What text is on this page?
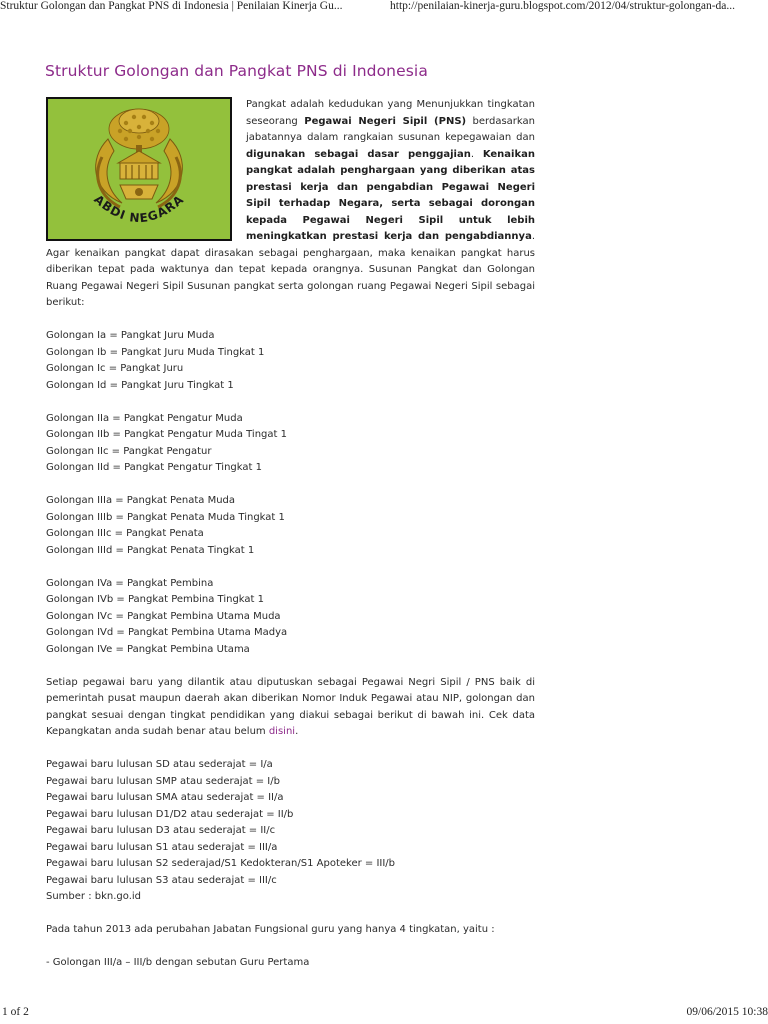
Struktur Golongan dan Pangkat PNS di Indonesia | Penilaian Kinerja Gu...	http://penilaian-kinerja-guru.blogspot.com/2012/04/struktur-golongan-da...
Struktur Golongan dan Pangkat PNS di Indonesia
ABDI NEGARA

Pangkat adalah kedudukan yang Menunjukkan tingkatan seseorang Pegawai Negeri Sipil (PNS) berdasarkan jabatannya dalam rangkaian susunan kepegawaian dan digunakan sebagai dasar penggajian. Kenaikan pangkat adalah penghargaan yang diberikan atas prestasi kerja dan pengabdian Pegawai Negeri Sipil terhadap Negara, serta sebagai dorongan kepada Pegawai Negeri Sipil untuk lebih meningkatkan prestasi kerja dan pengabdiannya. Agar kenaikan pangkat dapat dirasakan sebagai penghargaan, maka kenaikan pangkat harus diberikan tepat pada waktunya dan tepat kepada orangnya. Susunan Pangkat dan Golongan Ruang Pegawai Negeri Sipil Susunan pangkat serta golongan ruang Pegawai Negeri Sipil sebagai berikut:

Golongan Ia = Pangkat Juru Muda
Golongan Ib = Pangkat Juru Muda Tingkat 1
Golongan Ic = Pangkat Juru
Golongan Id = Pangkat Juru Tingkat 1
Golongan IIa = Pangkat Pengatur Muda
Golongan IIb = Pangkat Pengatur Muda Tingat 1
Golongan IIc = Pangkat Pengatur
Golongan IId = Pangkat Pengatur Tingkat 1
Golongan IIIa = Pangkat Penata Muda
Golongan IIIb = Pangkat Penata Muda Tingkat 1
Golongan IIIc = Pangkat Penata
Golongan IIId = Pangkat Penata Tingkat 1
Golongan IVa = Pangkat Pembina
Golongan IVb = Pangkat Pembina Tingkat 1
Golongan IVc = Pangkat Pembina Utama Muda
Golongan IVd = Pangkat Pembina Utama Madya
Golongan IVe = Pangkat Pembina Utama

Setiap pegawai baru yang dilantik atau diputuskan sebagai Pegawai Negri Sipil / PNS baik di pemerintah pusat maupun daerah akan diberikan Nomor Induk Pegawai atau NIP, golongan dan pangkat sesuai dengan tingkat pendidikan yang diakui sebagai berikut di bawah ini. Cek data Kepangkatan anda sudah benar atau belum disini.

Pegawai baru lulusan SD atau sederajat = I/a
Pegawai baru lulusan SMP atau sederajat = I/b
Pegawai baru lulusan SMA atau sederajat = II/a
Pegawai baru lulusan D1/D2 atau sederajat = II/b
Pegawai baru lulusan D3 atau sederajat = II/c
Pegawai baru lulusan S1 atau sederajat = III/a
Pegawai baru lulusan S2 sederajad/S1 Kedokteran/S1 Apoteker = III/b
Pegawai baru lulusan S3 atau sederajat = III/c
Sumber : bkn.go.id

Pada tahun 2013 ada perubahan Jabatan Fungsional guru yang hanya 4 tingkatan, yaitu :

- Golongan III/a – III/b dengan sebutan Guru Pertama

1 of 2	09/06/2015 10:38
